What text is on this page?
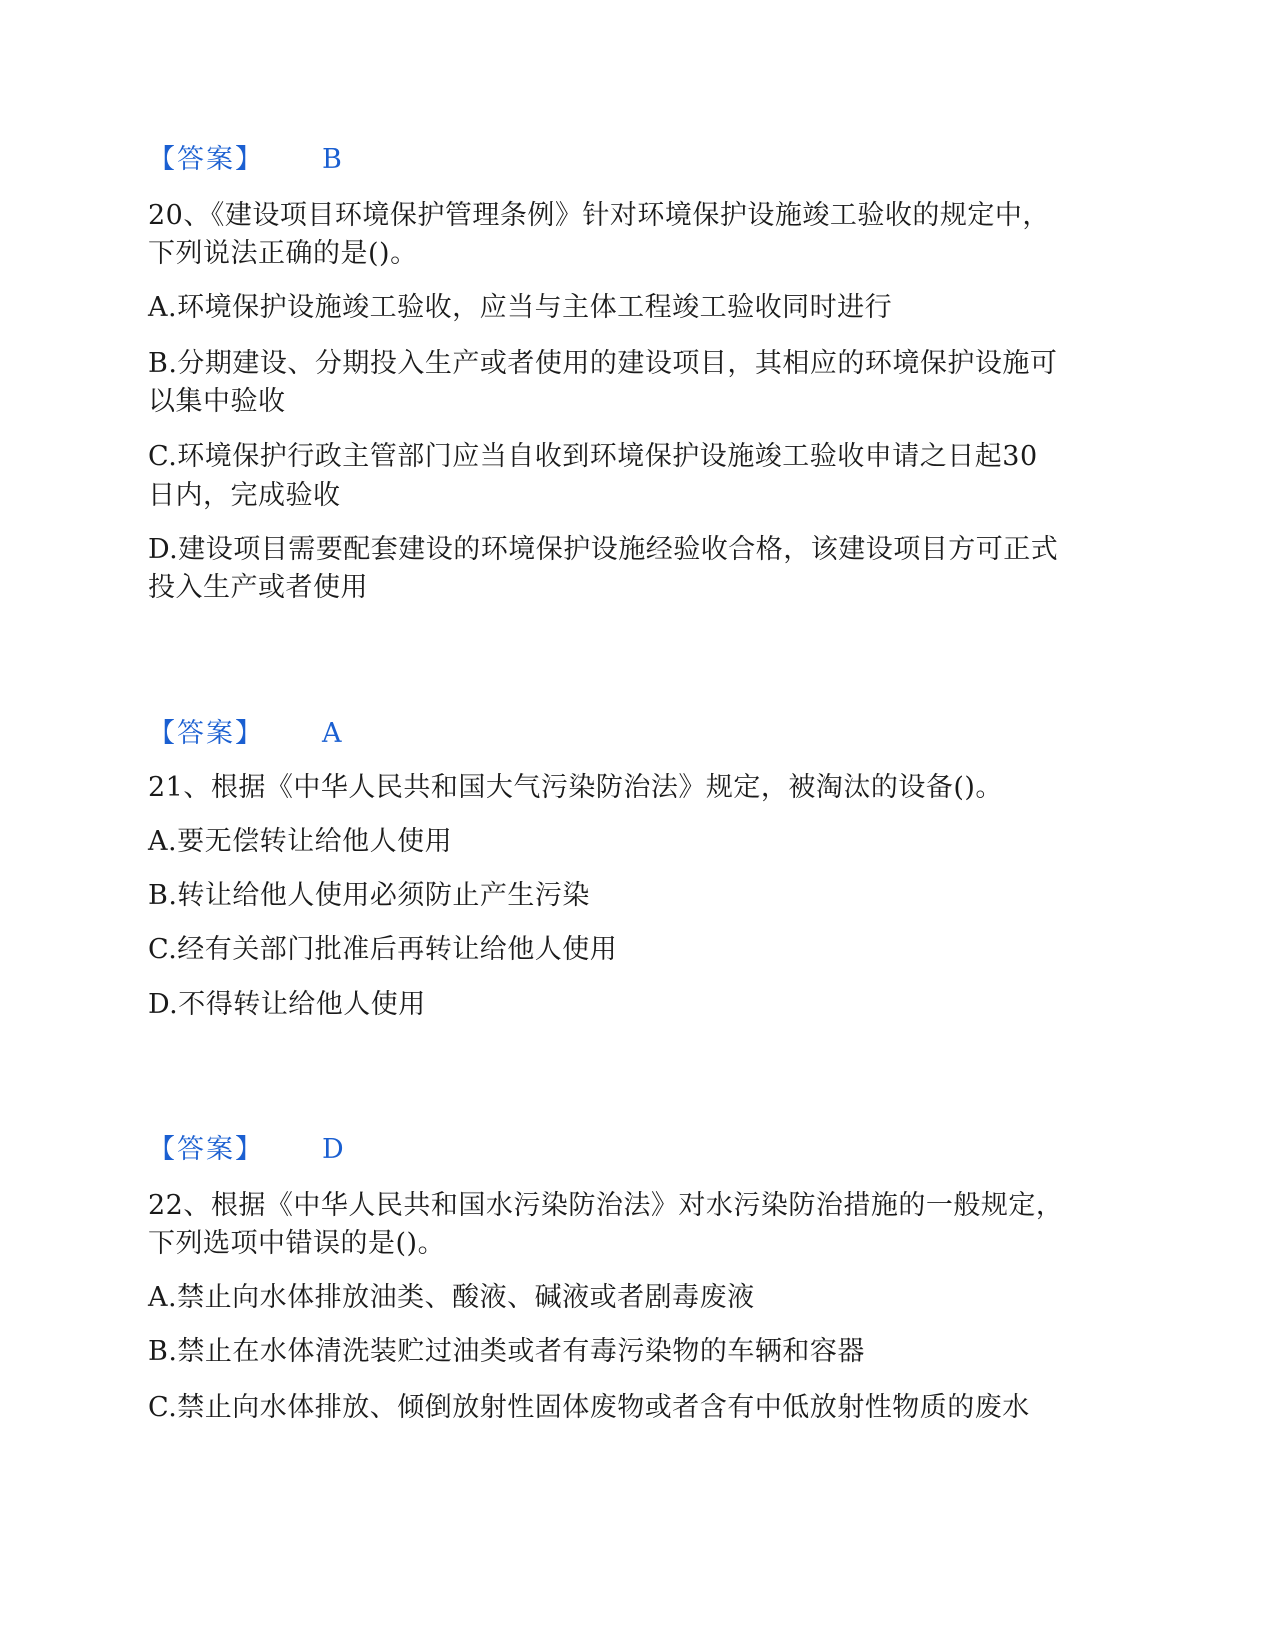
【答案】 B
20、《建设项目环境保护管理条例》针对环境保护设施竣工验收的规定中，
下列说法正确的是()。
A.环境保护设施竣工验收，应当与主体工程竣工验收同时进行
B.分期建设、分期投入生产或者使用的建设项目，其相应的环境保护设施可
以集中验收
C.环境保护行政主管部门应当自收到环境保护设施竣工验收申请之日起30
日内，完成验收
D.建设项目需要配套建设的环境保护设施经验收合格，该建设项目方可正式
投入生产或者使用
【答案】 A
21、根据《中华人民共和国大气污染防治法》规定，被淘汰的设备()。
A.要无偿转让给他人使用
B.转让给他人使用必须防止产生污染
C.经有关部门批准后再转让给他人使用
D.不得转让给他人使用
【答案】 D
22、根据《中华人民共和国水污染防治法》对水污染防治措施的一般规定，
下列选项中错误的是()。
A.禁止向水体排放油类、酸液、碱液或者剧毒废液
B.禁止在水体清洗装贮过油类或者有毒污染物的车辆和容器
C.禁止向水体排放、倾倒放射性固体废物或者含有中低放射性物质的废水
